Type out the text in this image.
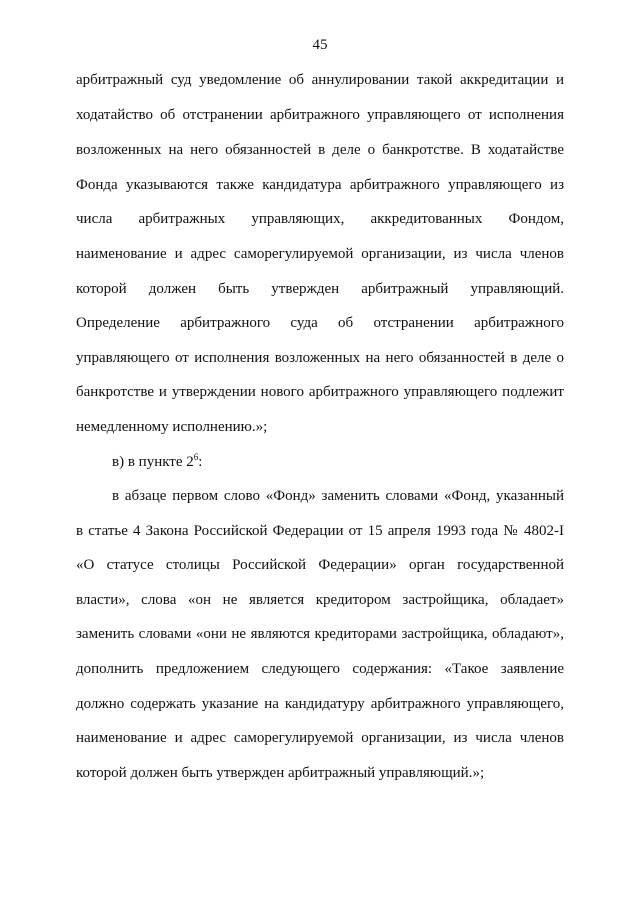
45
арбитражный суд уведомление об аннулировании такой аккредитации и
ходатайство об отстранении арбитражного управляющего от исполнения
возложенных на него обязанностей в деле о банкротстве. В ходатайстве
Фонда указываются также кандидатура арбитражного управляющего из
числа арбитражных управляющих, аккредитованных Фондом,
наименование и адрес саморегулируемой организации, из числа членов
которой должен быть утвержден арбитражный управляющий.
Определение арбитражного суда об отстранении арбитражного
управляющего от исполнения возложенных на него обязанностей в деле о
банкротстве и утверждении нового арбитражного управляющего подлежит
немедленному исполнению.»;
в) в пункте $2^6$:
в абзаце первом слово «Фонд» заменить словами «Фонд, указанный
в статье 4 Закона Российской Федерации от 15 апреля 1993 года № 4802-I
«О статусе столицы Российской Федерации» орган государственной
власти», слова «он не является кредитором застройщика, обладает»
заменить словами «они не являются кредиторами застройщика, обладают»,
дополнить предложением следующего содержания: «Такое заявление
должно содержать указание на кандидатуру арбитражного управляющего,
наименование и адрес саморегулируемой организации, из числа членов
которой должен быть утвержден арбитражный управляющий.»;
